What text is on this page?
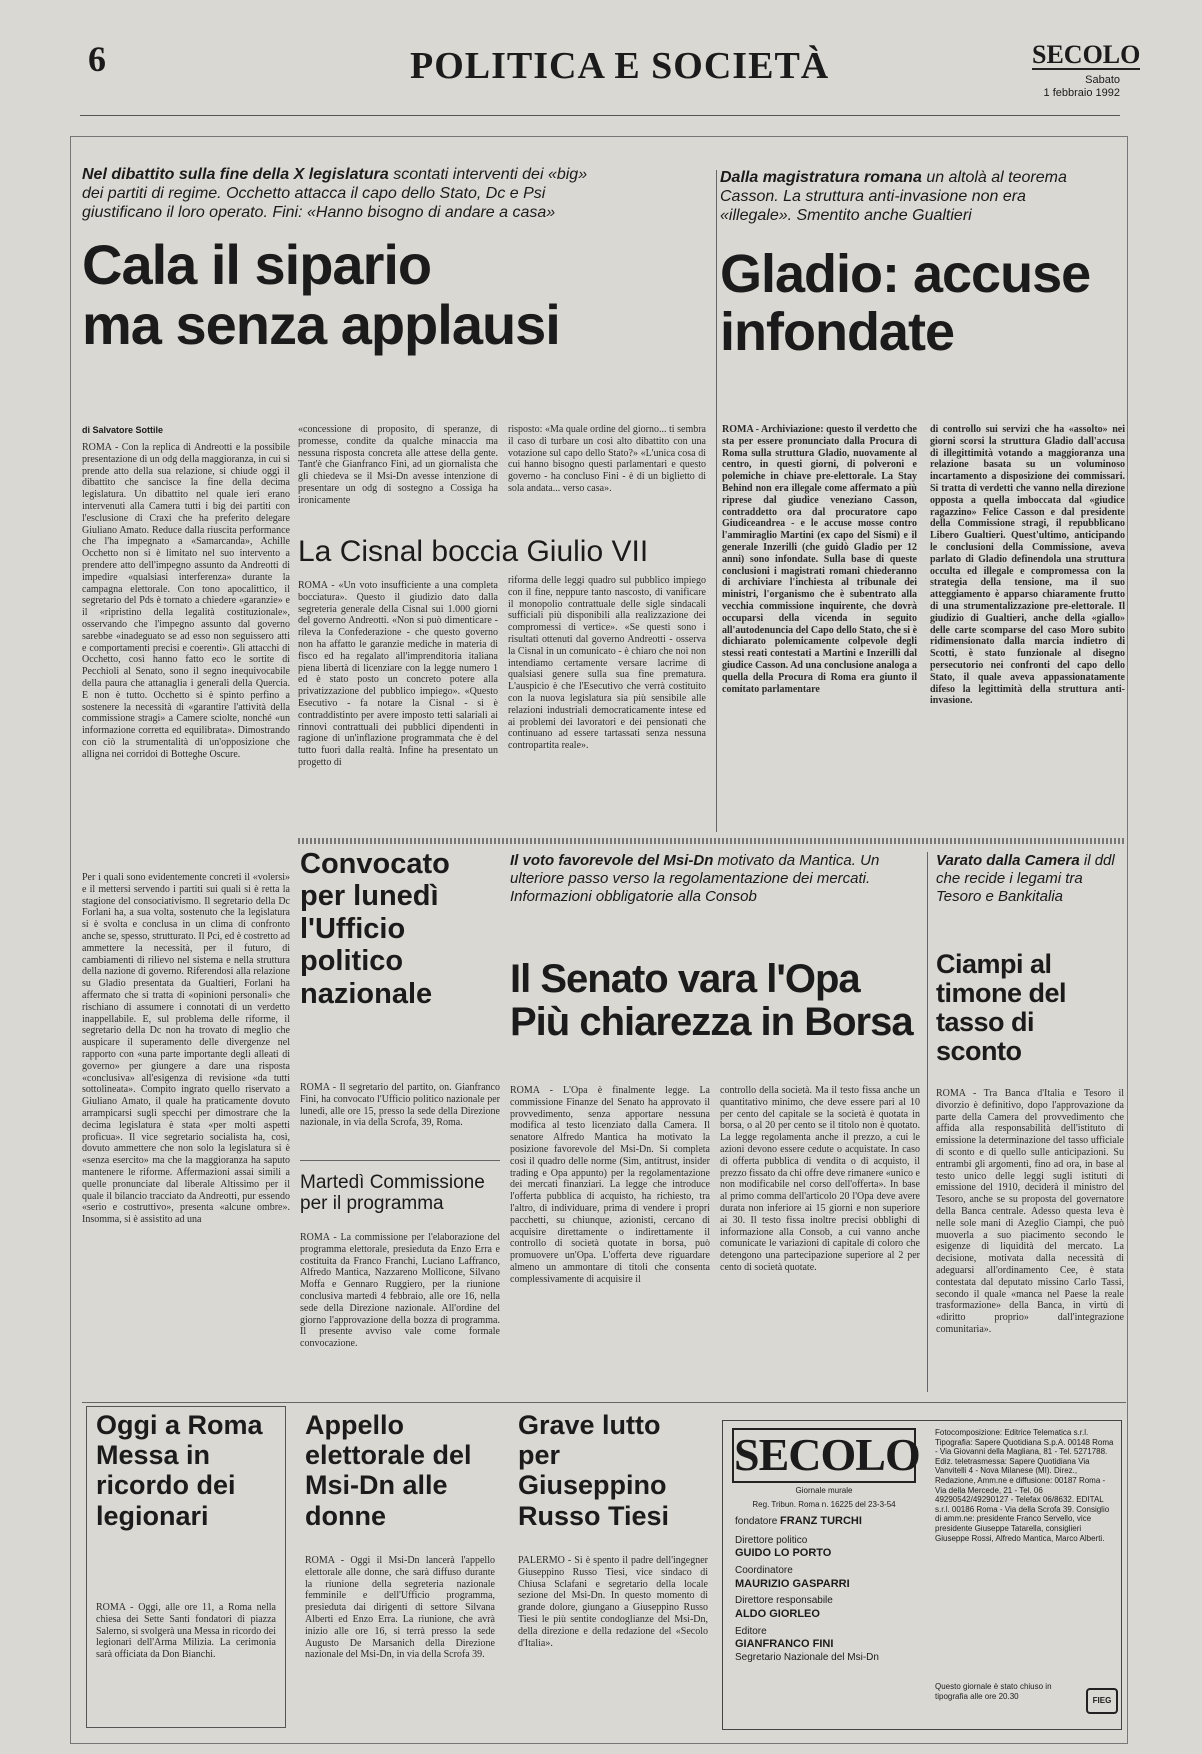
6	POLITICA E SOCIETÀ	SECOLO
Sabato
1 febbraio 1992
Nel dibattito sulla fine della X legislatura scontati interventi dei «big» dei partiti di regime. Occhetto attacca il capo dello Stato, Dc e Psi giustificano il loro operato. Fini: «Hanno bisogno di andare a casa»
Cala il sipario
ma senza applausi
di Salvatore Sottile
ROMA - Con la replica di Andreotti e la possibile presentazione di un odg della maggioranza, in cui si prende atto della sua relazione, si chiude oggi il dibattito che sancisce la fine della decima legislatura. Un dibattito nel quale ieri erano intervenuti alla Camera tutti i big dei partiti con l'esclusione di Craxi che ha preferito delegare Giuliano Amato. Reduce dalla riuscita performance che l'ha impegnato a «Samarcanda», Achille Occhetto non si è limitato nel suo intervento a prendere atto dell'impegno assunto da Andreotti di impedire «qualsiasi interferenza» durante la campagna elettorale. Con tono apocalittico, il segretario del Pds è tornato a chiedere «garanzie» e il «ripristino della legalità costituzionale», osservando che l'impegno assunto dal governo sarebbe «inadeguato se ad esso non seguissero atti e comportamenti precisi e coerenti». Gli attacchi di Occhetto, così hanno fatto eco le sortite di Pecchioli al Senato, sono il segno inequivocabile della paura che attanaglia i generali della Quercia. E non è tutto. Occhetto si è spinto perfino a sostenere la necessità di «garantire l'attività della commissione stragi» a Camere sciolte, nonché «un informazione corretta ed equilibrata». Dimostrando con ciò la strumentalità di un'opposizione che alligna nei corridoi di Botteghe Oscure.
Per i quali sono evidentemente concreti il «volersi» e il mettersi servendo i partiti sui quali si è retta la stagione del consociativismo. Il segretario della Dc Forlani ha, a sua volta, sostenuto che la legislatura si è svolta e conclusa in un clima di confronto anche se, spesso, strutturato. Il Pci, ed è costretto ad ammettere la necessità, per il futuro, di cambiamenti di rilievo nel sistema e nella struttura della nazione di governo. Riferendosi alla relazione su Gladio presentata da Gualtieri, Forlani ha affermato che si tratta di «opinioni personali» che rischiano di assumere i connotati di un verdetto inappellabile. E, sul problema delle riforme, il segretario della Dc non ha trovato di meglio che auspicare il superamento delle divergenze nel rapporto con «una parte importante degli alleati di governo» per giungere a dare una risposta «conclusiva» all'esigenza di revisione «da tutti sottolineata». Compito ingrato quello riservato a Giuliano Amato, il quale ha praticamente dovuto arrampicarsi sugli specchi per dimostrare che la decima legislatura è stata «per molti aspetti proficua». Il vice segretario socialista ha, così, dovuto ammettere che non solo la legislatura si è «senza esercito» ma che la maggioranza ha saputo mantenere le riforme. Affermazioni assai simili a quelle pronunciate dal liberale Altissimo per il quale il bilancio tracciato da Andreotti, pur essendo «serio e costruttivo», presenta «alcune ombre». Insomma, si è assistito ad una
«concessione di proposito, di speranze, di promesse, condite da qualche minaccia ma nessuna risposta concreta alle attese della gente. Tant'è che Gianfranco Fini, ad un giornalista che gli chiedeva se il Msi-Dn avesse intenzione di presentare un odg di sostegno a Cossiga ha ironicamente
risposto: «Ma quale ordine del giorno... ti sembra il caso di turbare un così alto dibattito con una votazione sul capo dello Stato?» «L'unica cosa di cui hanno bisogno questi parlamentari e questo governo - ha concluso Fini - è di un biglietto di sola andata... verso casa».
Dalla magistratura romana un altolà al teorema Casson. La struttura anti-invasione non era «illegale». Smentito anche Gualtieri
Gladio: accuse
infondate
ROMA - Archiviazione: questo il verdetto che sta per essere pronunciato dalla Procura di Roma sulla struttura Gladio, nuovamente al centro, in questi giorni, di polveroni e polemiche in chiave pre-elettorale. La Stay Behind non era illegale come affermato a più riprese dal giudice veneziano Casson, contraddetto ora dal procuratore capo Giudiceandrea - e le accuse mosse contro l'ammiraglio Martini (ex capo del Sismi) e il generale Inzerilli (che guidò Gladio per 12 anni) sono infondate. Sulla base di queste conclusioni i magistrati romani chiederanno di archiviare l'inchiesta al tribunale dei ministri, l'organismo che è subentrato alla vecchia commissione inquirente, che dovrà occuparsi della vicenda in seguito all'autodenuncia del Capo dello Stato, che si è dichiarato polemicamente colpevole degli stessi reati contestati a Martini e Inzerilli dal giudice Casson. Ad una conclusione analoga a quella della Procura di Roma era giunto il comitato parlamentare
di controllo sui servizi che ha «assolto» nei giorni scorsi la struttura Gladio dall'accusa di illegittimità votando a maggioranza una relazione basata su un voluminoso incartamento a disposizione dei commissari. Si tratta di verdetti che vanno nella direzione opposta a quella imboccata dal «giudice ragazzino» Felice Casson e dal presidente della Commissione stragi, il repubblicano Libero Gualtieri. Quest'ultimo, anticipando le conclusioni della Commissione, aveva parlato di Gladio definendola una struttura occulta ed illegale e compromessa con la strategia della tensione, ma il suo atteggiamento è apparso chiaramente frutto di una strumentalizzazione pre-elettorale. Il giudizio di Gualtieri, anche della «giallo» delle carte scomparse del caso Moro subito ridimensionato dalla marcia indietro di Scotti, è stato funzionale al disegno persecutorio nei confronti del capo dello Stato, il quale aveva appassionatamente difeso la legittimità della struttura anti-invasione.
La Cisnal boccia Giulio VII
ROMA - «Un voto insufficiente a una completa bocciatura». Questo il giudizio dato dalla segreteria generale della Cisnal sui 1.000 giorni del governo Andreotti. «Non si può dimenticare - rileva la Confederazione - che questo governo non ha affatto le garanzie mediche in materia di fisco ed ha regalato all'imprenditoria italiana piena libertà di licenziare con la legge numero 1 ed è stato posto un concreto potere alla privatizzazione del pubblico impiego». «Questo Esecutivo - fa notare la Cisnal - si è contraddistinto per avere imposto tetti salariali ai rinnovi contrattuali dei pubblici dipendenti in ragione di un'inflazione programmata che è del tutto fuori dalla realtà. Infine ha presentato un progetto di
riforma delle leggi quadro sul pubblico impiego con il fine, neppure tanto nascosto, di vanificare il monopolio contrattuale delle sigle sindacali sufficiali più disponibili alla realizzazione dei compromessi di vertice». «Se questi sono i risultati ottenuti dal governo Andreotti - osserva la Cisnal in un comunicato - è chiaro che noi non intendiamo certamente versare lacrime di qualsiasi genere sulla sua fine prematura. L'auspicio è che l'Esecutivo che verrà costituito con la nuova legislatura sia più sensibile alle relazioni industriali democraticamente intese ed ai problemi dei lavoratori e dei pensionati che continuano ad essere tartassati senza nessuna contropartita reale».
Convocato per lunedì l'Ufficio politico nazionale
ROMA - Il segretario del partito, on. Gianfranco Fini, ha convocato l'Ufficio politico nazionale per lunedì, alle ore 15, presso la sede della Direzione nazionale, in via della Scrofa, 39, Roma.
Martedì Commissione per il programma
ROMA - La commissione per l'elaborazione del programma elettorale, presieduta da Enzo Erra e costituita da Franco Franchi, Luciano Laffranco, Alfredo Mantica, Nazzareno Mollicone, Silvano Moffa e Gennaro Ruggiero, per la riunione conclusiva martedì 4 febbraio, alle ore 16, nella sede della Direzione nazionale. All'ordine del giorno l'approvazione della bozza di programma. Il presente avviso vale come formale convocazione.
Il voto favorevole del Msi-Dn motivato da Mantica. Un ulteriore passo verso la regolamentazione dei mercati. Informazioni obbligatorie alla Consob
Il Senato vara l'Opa
Più chiarezza in Borsa
ROMA - L'Opa è finalmente legge. La commissione Finanze del Senato ha approvato il provvedimento, senza apportare nessuna modifica al testo licenziato dalla Camera. Il senatore Alfredo Mantica ha motivato la posizione favorevole del Msi-Dn. Si completa così il quadro delle norme (Sim, antitrust, insider trading e Opa appunto) per la regolamentazione dei mercati finanziari. La legge che introduce l'offerta pubblica di acquisto, ha richiesto, tra l'altro, di individuare, prima di vendere i propri pacchetti, su chiunque, azionisti, cercano di acquisire direttamente o indirettamente il controllo di società quotate in borsa, può promuovere un'Opa. L'offerta deve riguardare almeno un ammontare di titoli che consenta complessivamente di acquisire il
controllo della società. Ma il testo fissa anche un quantitativo minimo, che deve essere pari al 10 per cento del capitale se la società è quotata in borsa, o al 20 per cento se il titolo non è quotato. La legge regolamenta anche il prezzo, a cui le azioni devono essere cedute o acquistate. In caso di offerta pubblica di vendita o di acquisto, il prezzo fissato da chi offre deve rimanere «unico e non modificabile nel corso dell'offerta». In base al primo comma dell'articolo 20 l'Opa deve avere durata non inferiore ai 15 giorni e non superiore ai 30. Il testo fissa inoltre precisi obblighi di informazione alla Consob, a cui vanno anche comunicate le variazioni di capitale di coloro che detengono una partecipazione superiore al 2 per cento di società quotate.
Varato dalla Camera il ddl che recide i legami tra Tesoro e Bankitalia
Ciampi al timone del tasso di sconto
ROMA - Tra Banca d'Italia e Tesoro il divorzio è definitivo, dopo l'approvazione da parte della Camera del provvedimento che affida alla responsabilità dell'istituto di emissione la determinazione del tasso ufficiale di sconto e di quello sulle anticipazioni. Su entrambi gli argomenti, fino ad ora, in base al testo unico delle leggi sugli istituti di emissione del 1910, deciderà il ministro del Tesoro, anche se su proposta del governatore della Banca centrale. Adesso questa leva è nelle sole mani di Azeglio Ciampi, che può muoverla a suo piacimento secondo le esigenze di liquidità del mercato. La decisione, motivata dalla necessità di adeguarsi all'ordinamento Cee, è stata contestata dal deputato missino Carlo Tassi, secondo il quale «manca nel Paese la reale trasformazione» della Banca, in virtù di «diritto proprio» dall'integrazione comunitaria».
Oggi a Roma Messa in ricordo dei legionari
ROMA - Oggi, alle ore 11, a Roma nella chiesa dei Sette Santi fondatori di piazza Salerno, si svolgerà una Messa in ricordo dei legionari dell'Arma Milizia. La cerimonia sarà officiata da Don Bianchi.
Appello elettorale del Msi-Dn alle donne
ROMA - Oggi il Msi-Dn lancerà l'appello elettorale alle donne, che sarà diffuso durante la riunione della segreteria nazionale femminile e dell'Ufficio programma, presieduta dai dirigenti di settore Silvana Alberti ed Enzo Erra. La riunione, che avrà inizio alle ore 16, si terrà presso la sede Augusto De Marsanich della Direzione nazionale del Msi-Dn, in via della Scrofa 39.
Grave lutto per Giuseppino Russo Tiesi
PALERMO - Si è spento il padre dell'ingegner Giuseppino Russo Tiesi, vice sindaco di Chiusa Sclafani e segretario della locale sezione del Msi-Dn. In questo momento di grande dolore, giungano a Giuseppino Russo Tiesi le più sentite condoglianze del Msi-Dn, della direzione e della redazione del «Secolo d'Italia».
SECOLO
Giornale murale
Reg. Tribun. Roma n. 16225 del 23-3-54
fondatore FRANZ TURCHI
Direttore politico
GUIDO LO PORTO
Coordinatore
MAURIZIO GASPARRI
Direttore responsabile
ALDO GIORLEO
Editore
GIANFRANCO FINI
Segretario Nazionale del Msi-Dn
Fotocomposizione: Editrice Telematica s.r.l. Tipografia: Sapere Quotidiana S.p.A. 00148 Roma - Via Giovanni della Magliana, 81 - Tel. 5271788. Ediz. teletrasmessa: Sapere Quotidiana Via Vanvitelli 4 - Nova Milanese (MI). Direz., Redazione, Amm.ne e diffusione: 00187 Roma - Via della Mercede, 21 - Tel. 06 49290542/49290127 - Telefax 06/8632. EDITAL s.r.l. 00186 Roma - Via della Scrofa 39. Consiglio di amm.ne: presidente Franco Servello, vice presidente Giuseppe Tatarella, consiglieri Giuseppe Rossi, Alfredo Mantica, Marco Alberti.
Questo giornale è stato chiuso in tipografia alle ore 20.30	FIEG
